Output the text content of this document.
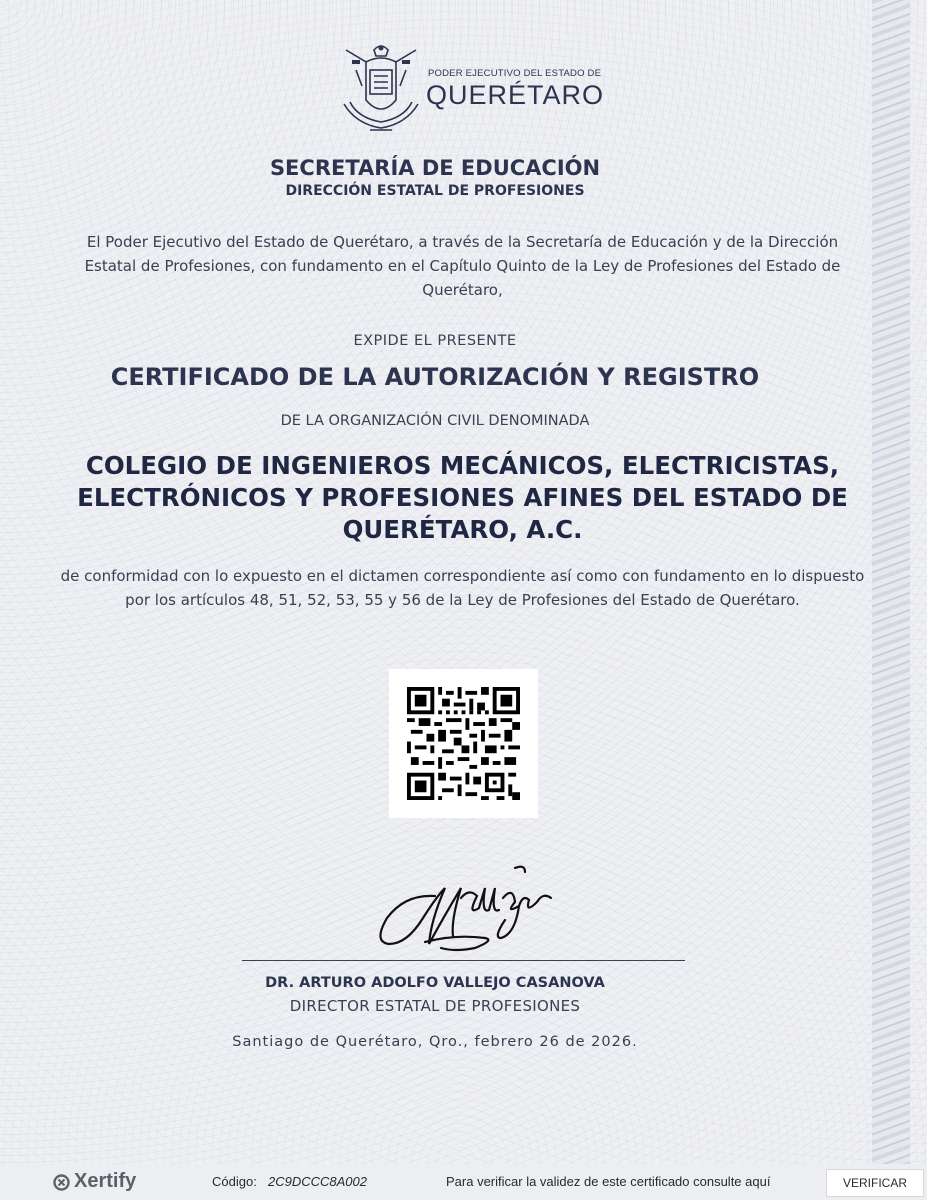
PODER EJECUTIVO DEL ESTADO DE
QUERÉTARO
SECRETARÍA DE EDUCACIÓN
DIRECCIÓN ESTATAL DE PROFESIONES
El Poder Ejecutivo del Estado de Querétaro, a través de la Secretaría de Educación y de la Dirección Estatal de Profesiones, con fundamento en el Capítulo Quinto de la Ley de Profesiones del Estado de Querétaro,
EXPIDE EL PRESENTE
CERTIFICADO DE LA AUTORIZACIÓN Y REGISTRO
DE LA ORGANIZACIÓN CIVIL DENOMINADA
COLEGIO DE INGENIEROS MECÁNICOS, ELECTRICISTAS, ELECTRÓNICOS Y PROFESIONES AFINES DEL ESTADO DE QUERÉTARO, A.C.
de conformidad con lo expuesto en el dictamen correspondiente así como con fundamento en lo dispuesto por los artículos 48, 51, 52, 53, 55 y 56 de la Ley de Profesiones del Estado de Querétaro.
DR. ARTURO ADOLFO VALLEJO CASANOVA
DIRECTOR ESTATAL DE PROFESIONES
Santiago de Querétaro, Qro., febrero 26 de 2026.
Xertify	Código: 2C9DCCC8A002	Para verificar la validez de este certificado consulte aquí	VERIFICAR
